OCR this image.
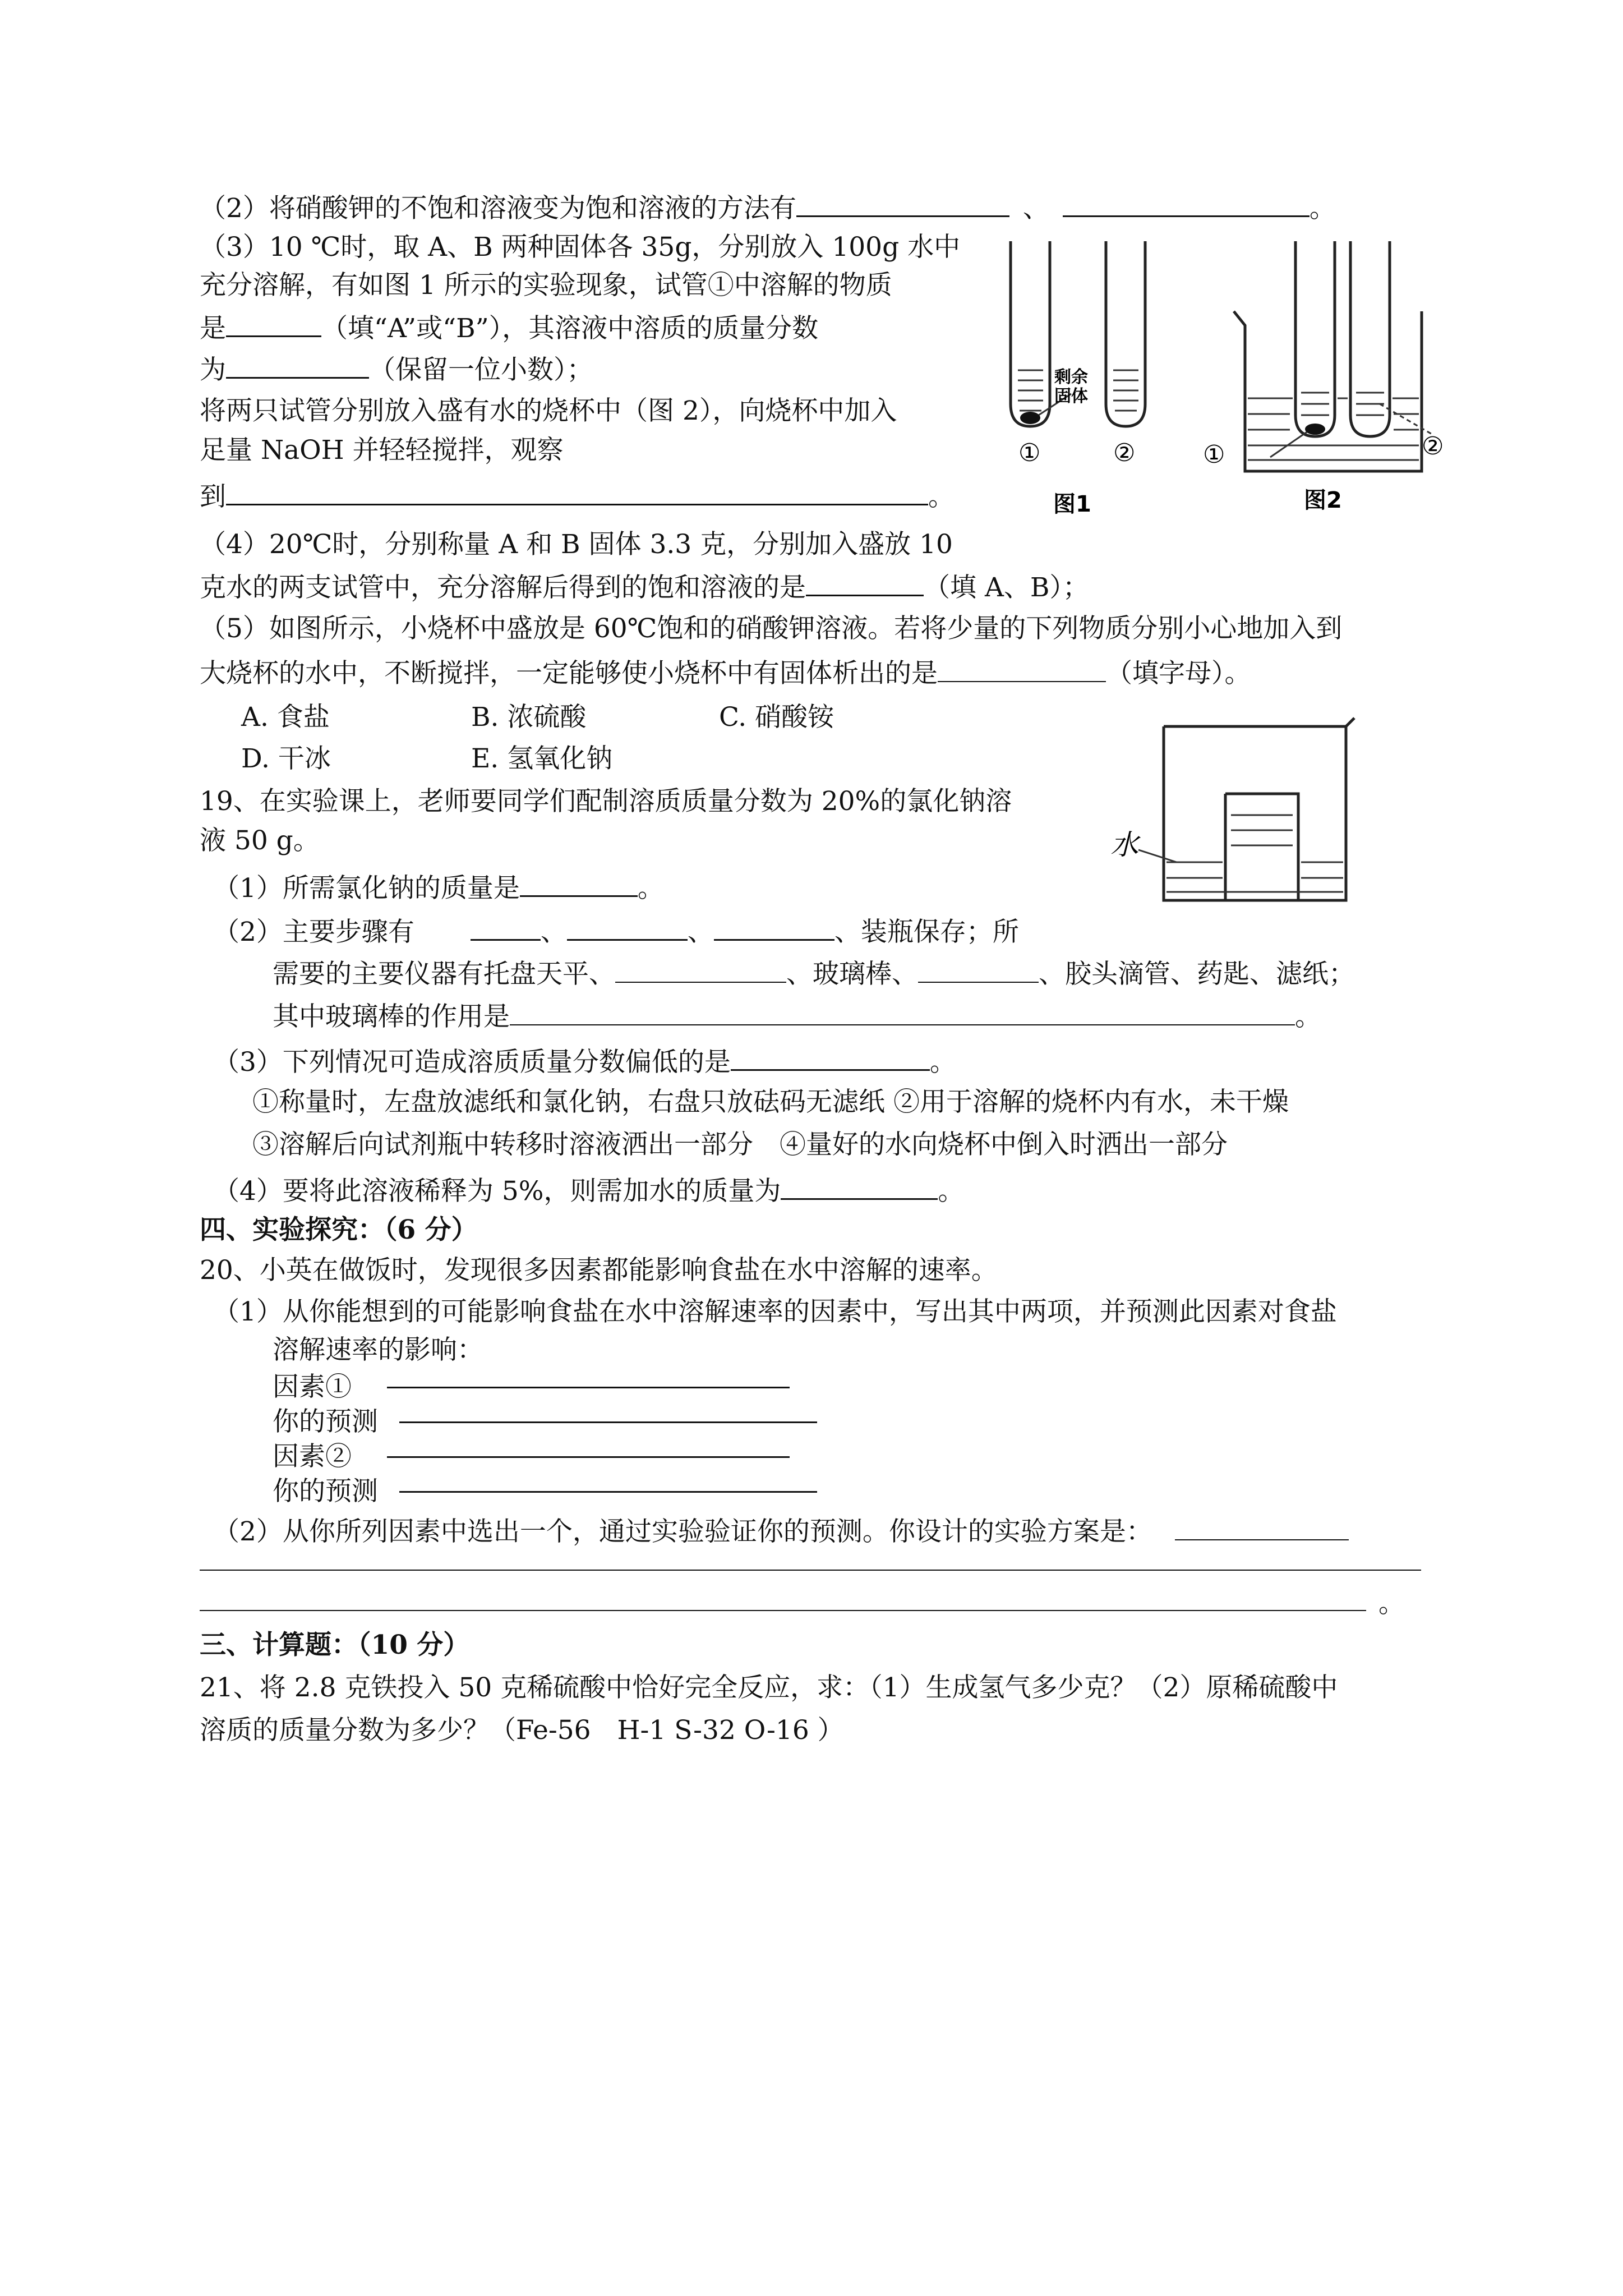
（2）将硝酸钾的不饱和溶液变为饱和溶液的方法有	、	。
（3）10 ℃时，取 A、B 两种固体各 35g，分别放入 100g 水中
充分溶解，有如图 1 所示的实验现象，试管①中溶解的物质
是	（填“A”或“B”），其溶液中溶质的质量分数
为	（保留一位小数）；
将两只试管分别放入盛有水的烧杯中（图 2），向烧杯中加入
足量 NaOH 并轻轻搅拌，观察
到	。
剩余
固体
①	②
图1
①	②
图2
（4）20℃时，分别称量 A 和 B 固体 3.3 克，分别加入盛放 10
克水的两支试管中，充分溶解后得到的饱和溶液的是	（填 A、B）；
（5）如图所示，小烧杯中盛放是 60℃饱和的硝酸钾溶液。若将少量的下列物质分别小心地加入到
大烧杯的水中，不断搅拌，一定能够使小烧杯中有固体析出的是	（填字母）。
A. 食盐	B. 浓硫酸	C. 硝酸铵
D. 干冰	E. 氢氧化钠
水
19、在实验课上，老师要同学们配制溶质质量分数为 20%的氯化钠溶
液 50 g。
（1）所需氯化钠的质量是	。
（2）主要步骤有	、	、	、装瓶保存；所
需要的主要仪器有托盘天平、	、玻璃棒、	、胶头滴管、药匙、滤纸；
其中玻璃棒的作用是	。
（3）下列情况可造成溶质质量分数偏低的是	。
①称量时，左盘放滤纸和氯化钠，右盘只放砝码无滤纸 ②用于溶解的烧杯内有水，未干燥
③溶解后向试剂瓶中转移时溶液洒出一部分　④量好的水向烧杯中倒入时洒出一部分
（4）要将此溶液稀释为 5%，则需加水的质量为	。
四、实验探究：（6 分）
20、小英在做饭时，发现很多因素都能影响食盐在水中溶解的速率。
（1）从你能想到的可能影响食盐在水中溶解速率的因素中，写出其中两项，并预测此因素对食盐
溶解速率的影响：
因素①
你的预测
因素②
你的预测
（2）从你所列因素中选出一个，通过实验验证你的预测。你设计的实验方案是：
。
三、计算题：（10 分）
21、将 2.8 克铁投入 50 克稀硫酸中恰好完全反应，求：（1）生成氢气多少克？（2）原稀硫酸中
溶质的质量分数为多少？（Fe-56　H-1 S-32 O-16 ）
